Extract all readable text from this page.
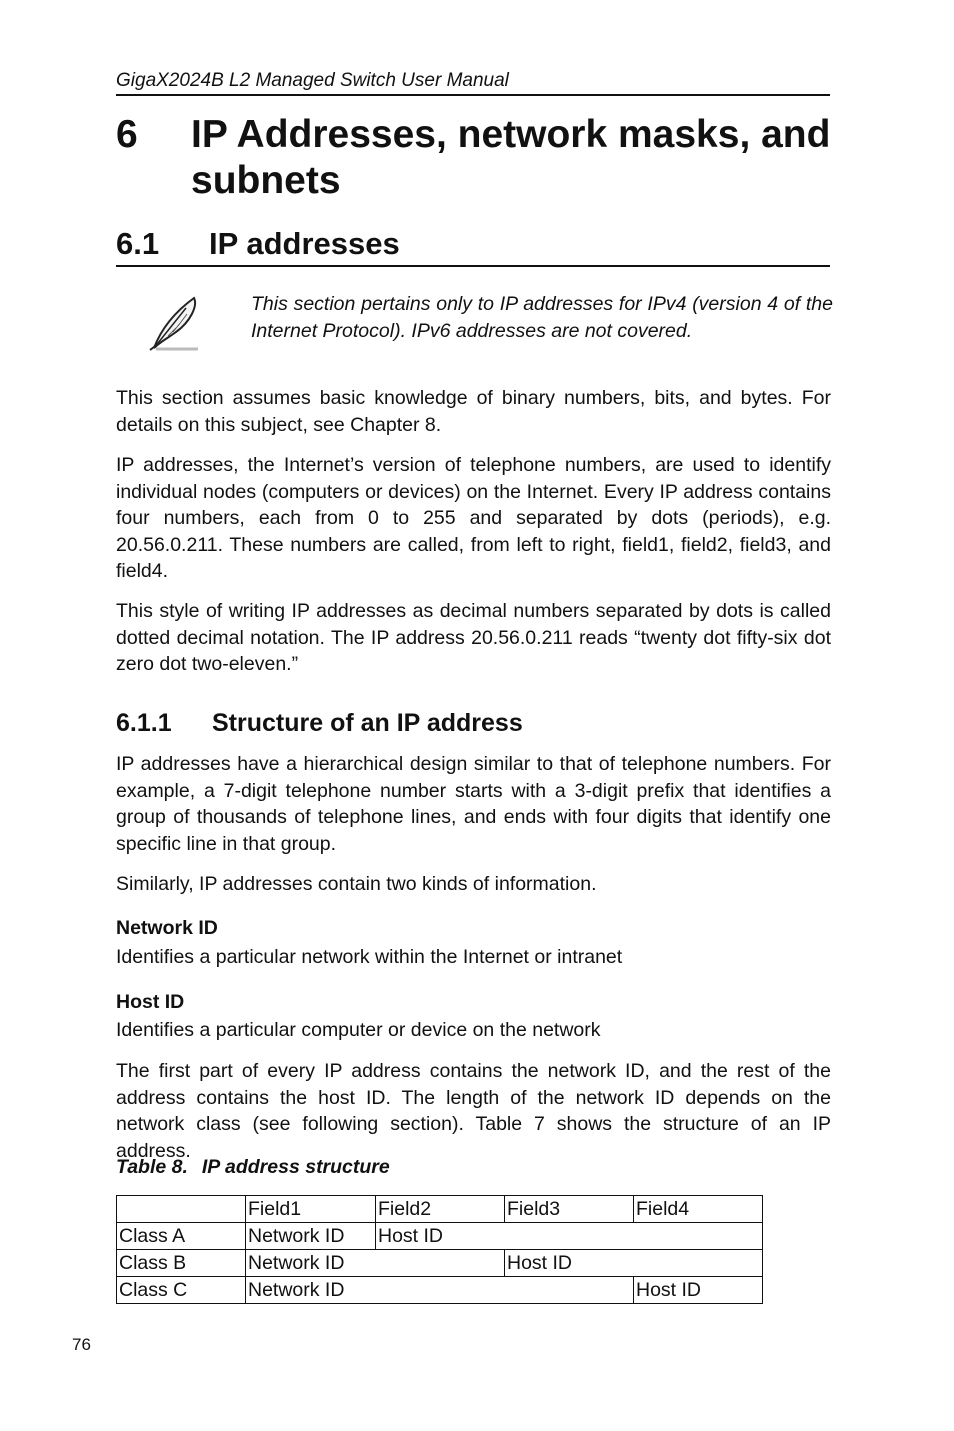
GigaX2024B L2 Managed Switch User Manual
6 IP Addresses, network masks, and subnets
6.1 IP addresses
This section pertains only to IP addresses for IPv4 (version 4 of the Internet Protocol). IPv6 addresses are not covered.
This section assumes basic knowledge of binary numbers, bits, and bytes. For details on this subject, see Chapter 8.
IP addresses, the Internet’s version of telephone numbers, are used to identify individual nodes (computers or devices) on the Internet. Every IP address contains four numbers, each from 0 to 255 and separated by dots (periods), e.g. 20.56.0.211. These numbers are called, from left to right, field1, field2, field3, and field4.
This style of writing IP addresses as decimal numbers separated by dots is called dotted decimal notation. The IP address 20.56.0.211 reads “twenty dot fifty-six dot zero dot two-eleven.”
6.1.1 Structure of an IP address
IP addresses have a hierarchical design similar to that of telephone numbers. For example, a 7-digit telephone number starts with a 3-digit prefix that identifies a group of thousands of telephone lines, and ends with four digits that identify one specific line in that group.
Similarly, IP addresses contain two kinds of information.
Network ID
Identifies a particular network within the Internet or intranet
Host ID
Identifies a particular computer or device on the network
The first part of every IP address contains the network ID, and the rest of the address contains the host ID. The length of the network ID depends on the network class (see following section). Table 7 shows the structure of an IP address.
Table 8. IP address structure
	Field1	Field2	Field3	Field4
Class A	Network ID	Host ID		
Class B	Network ID		Host ID	
Class C	Network ID			Host ID
76
